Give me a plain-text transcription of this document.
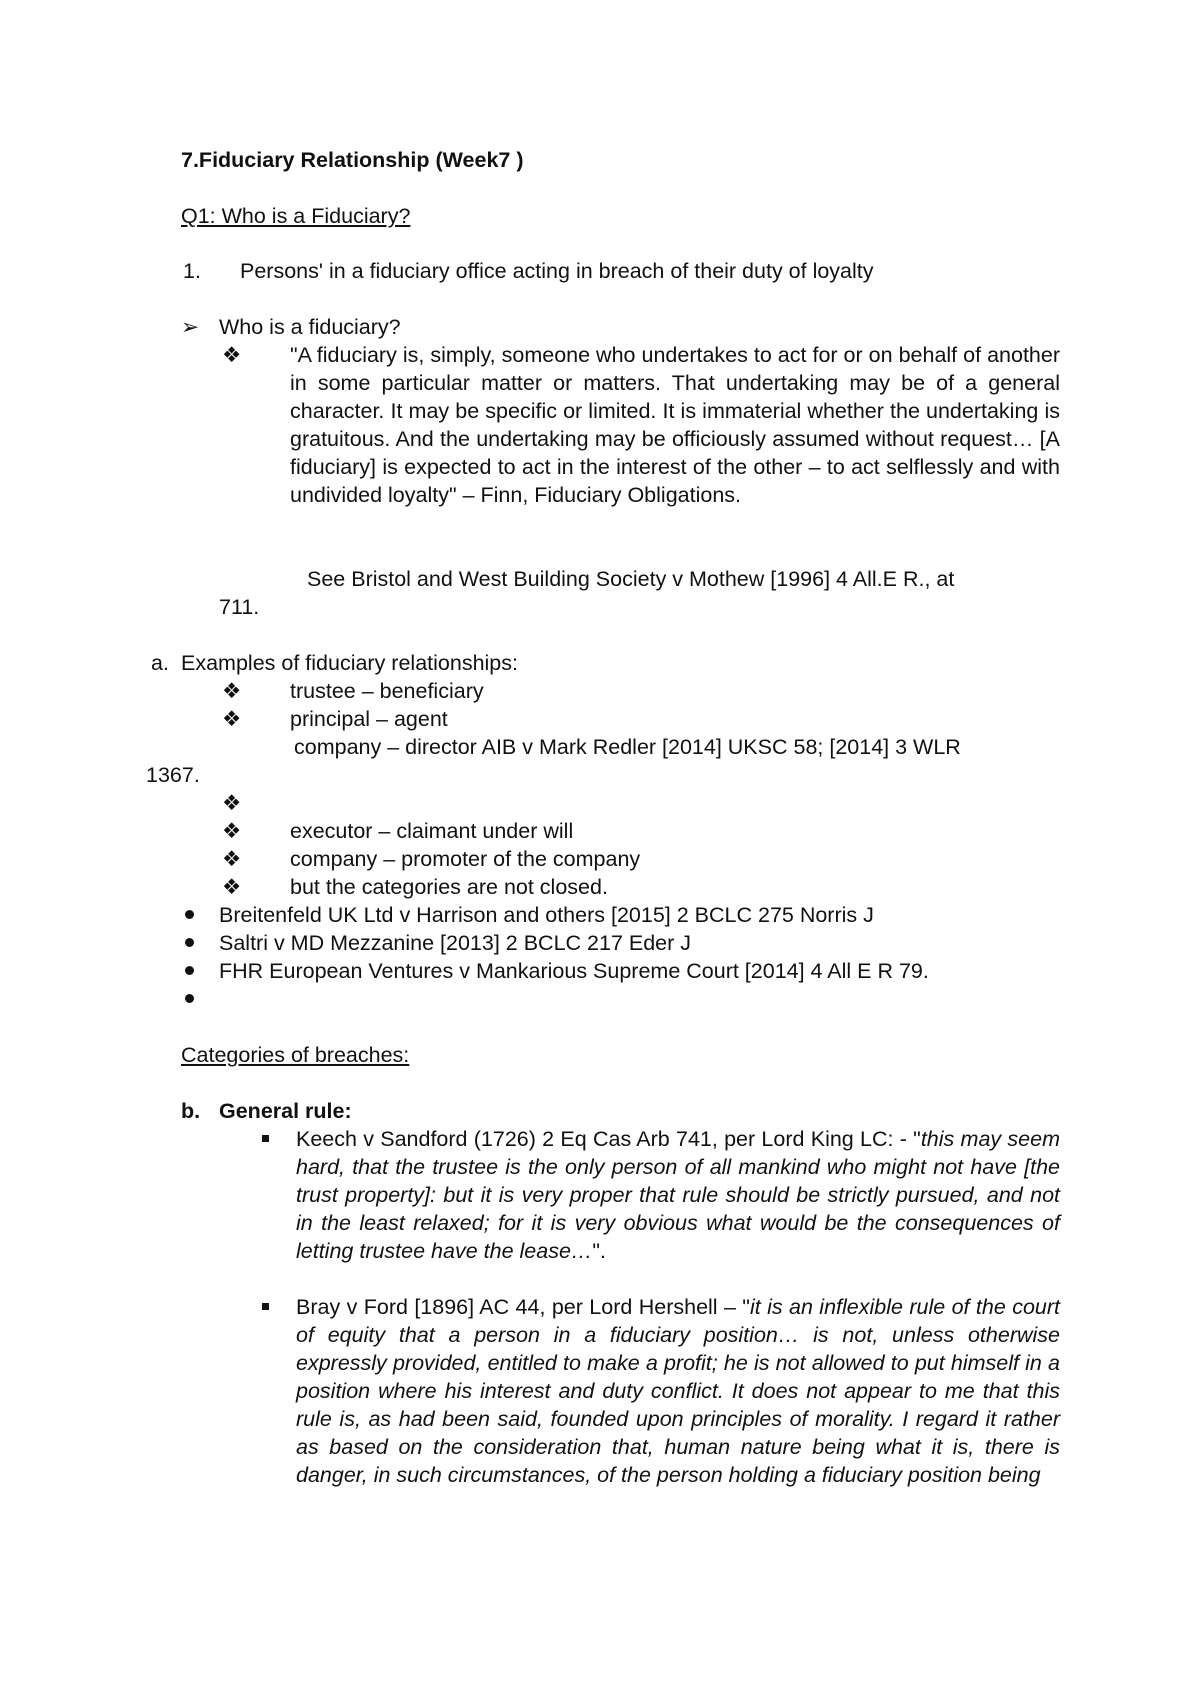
7.Fiduciary Relationship (Week7 )
Q1: Who is a Fiduciary?
1. Persons' in a fiduciary office acting in breach of their duty of loyalty
➢ Who is a fiduciary?
❖ "A fiduciary is, simply, someone who undertakes to act for or on behalf of another in some particular matter or matters. That undertaking may be of a general character. It may be specific or limited. It is immaterial whether the undertaking is gratuitous. And the undertaking may be officiously assumed without request… [A fiduciary] is expected to act in the interest of the other – to act selflessly and with undivided loyalty" – Finn, Fiduciary Obligations.

See Bristol and West Building Society v Mothew [1996] 4 All.E R., at
711.
a. Examples of fiduciary relationships:
❖ trustee – beneficiary
❖ principal – agent
company – director AIB v Mark Redler [2014] UKSC 58; [2014] 3 WLR
1367.
❖
❖ executor – claimant under will
❖ company – promoter of the company
❖ but the categories are not closed.
Breitenfeld UK Ltd v Harrison and others [2015] 2 BCLC 275 Norris J
Saltri v MD Mezzanine [2013] 2 BCLC 217 Eder J
FHR European Ventures v Mankarious Supreme Court [2014] 4 All E R 79.
Categories of breaches:
b. General rule:

Keech v Sandford (1726) 2 Eq Cas Arb 741, per Lord King LC: - "this may seem hard, that the trustee is the only person of all mankind who might not have [the trust property]: but it is very proper that rule should be strictly pursued, and not in the least relaxed; for it is very obvious what would be the consequences of letting trustee have the lease…".

Bray v Ford [1896] AC 44, per Lord Hershell – "it is an inflexible rule of the court of equity that a person in a fiduciary position… is not, unless otherwise expressly provided, entitled to make a profit; he is not allowed to put himself in a position where his interest and duty conflict. It does not appear to me that this rule is, as had been said, founded upon principles of morality. I regard it rather as based on the consideration that, human nature being what it is, there is danger, in such circumstances, of the person holding a fiduciary position being
